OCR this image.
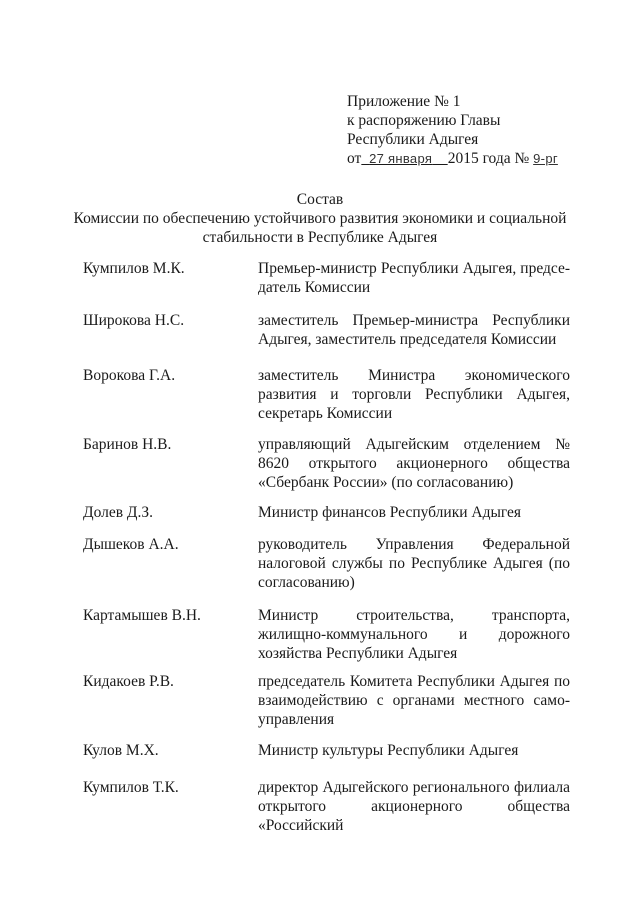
Приложение № 1
к распоряжению Главы
Республики Адыгея
от 27 января 2015 года № 9-рг
Состав
Комиссии по обеспечению устойчивого развития экономики и социальной
стабильности в Республике Адыгея
Кумпилов М.К.	Премьер-министр Республики Адыгея, председатель Комиссии
Широкова Н.С.	заместитель Премьер-министра Республики Адыгея, заместитель председателя Комиссии
Ворокова Г.А.	заместитель Министра экономического развития и торговли Республики Адыгея, секретарь Комиссии
Баринов Н.В.	управляющий Адыгейским отделением № 8620 открытого акционерного общества «Сбербанк России» (по согласованию)
Долев Д.З.	Министр финансов Республики Адыгея
Дышеков А.А.	руководитель Управления Федеральной налоговой службы по Республике Адыгея (по согласованию)
Картамышев В.Н.	Министр строительства, транспорта, жилищно-коммунального и дорожного хозяйства Республики Адыгея
Кидакоев Р.В.	председатель Комитета Республики Адыгея по взаимодействию с органами местного самоуправления
Кулов М.Х.	Министр культуры Республики Адыгея
Кумпилов Т.К.	директор Адыгейского регионального филиала открытого акционерного общества «Российский
